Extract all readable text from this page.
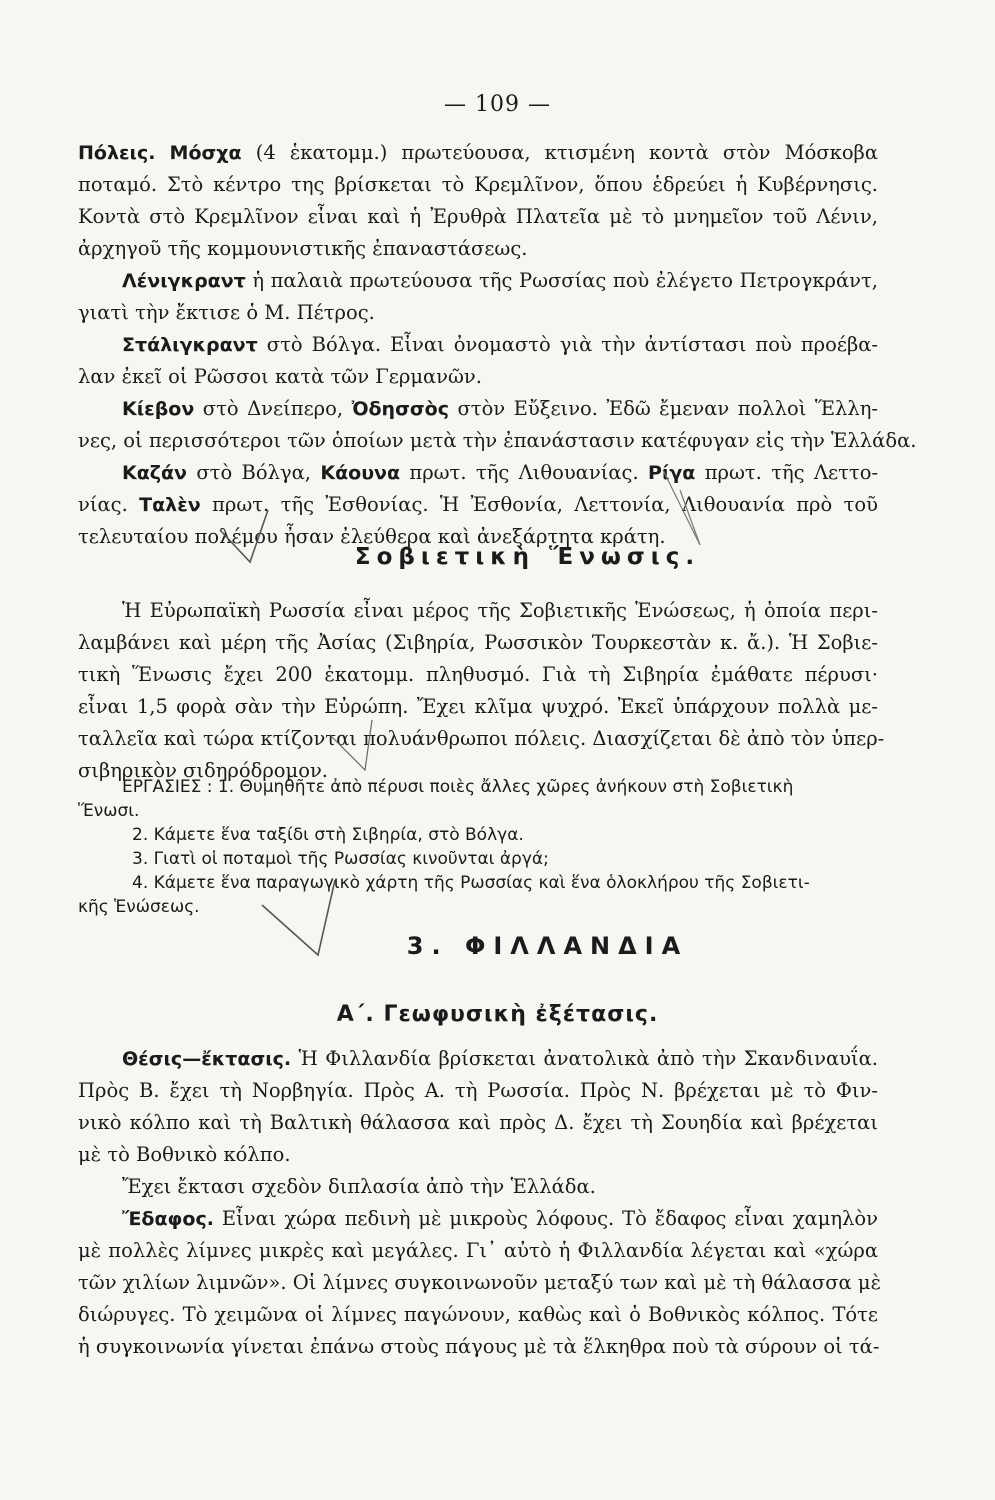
— 109 —
Πόλεις. Μόσχα (4 ἑκατομμ.) πρωτεύουσα, κτισμένη κοντὰ στὸν Μόσκοβα
ποταμό. Στὸ κέντρο της βρίσκεται τὸ Κρεμλῖνον, ὅπου ἑδρεύει ἡ Κυβέρνησις.
Κοντὰ στὸ Κρεμλῖνον εἶναι καὶ ἡ Ἐρυθρὰ Πλατεῖα μὲ τὸ μνημεῖον τοῦ Λένιν,
ἀρχηγοῦ τῆς κομμουνιστικῆς ἐπαναστάσεως.
Λένιγκραντ ἡ παλαιὰ πρωτεύουσα τῆς Ρωσσίας ποὺ ἐλέγετο Πετρογκράντ,
γιατὶ τὴν ἔκτισε ὁ Μ. Πέτρος.
Στάλιγκραντ στὸ Βόλγα. Εἶναι ὀνομαστὸ γιὰ τὴν ἀντίστασι ποὺ προέβα-
λαν ἐκεῖ οἱ Ρῶσσοι κατὰ τῶν Γερμανῶν.
Κίεβον στὸ Δνείπερο, Ὀδησσὸς στὸν Εὔξεινο. Ἐδῶ ἔμεναν πολλοὶ Ἕλλη-
νες, οἱ περισσότεροι τῶν ὁποίων μετὰ τὴν ἐπανάστασιν κατέφυγαν εἰς τὴν Ἑλλάδα.
Καζάν στὸ Βόλγα, Κάουνα πρωτ. τῆς Λιθουανίας. Ρίγα πρωτ. τῆς Λεττο-
νίας. Ταλὲν πρωτ. τῆς Ἐσθονίας. Ἡ Ἐσθονία, Λεττονία, Λιθουανία πρὸ τοῦ
τελευταίου πολέμου ἦσαν ἐλεύθερα καὶ ἀνεξάρτητα κράτη.
Σοβιετικὴ Ἕνωσις.
Ἡ Εὐρωπαϊκὴ Ρωσσία εἶναι μέρος τῆς Σοβιετικῆς Ἑνώσεως, ἡ ὁποία περι-
λαμβάνει καὶ μέρη τῆς Ἀσίας (Σιβηρία, Ρωσσικὸν Τουρκεστὰν κ. ἄ.). Ἡ Σοβιε-
τικὴ Ἕνωσις ἔχει 200 ἑκατομμ. πληθυσμό. Γιὰ τὴ Σιβηρία ἐμάθατε πέρυσι·
εἶναι 1,5 φορὰ σὰν τὴν Εὐρώπη. Ἔχει κλῖμα ψυχρό. Ἐκεῖ ὑπάρχουν πολλὰ με-
ταλλεῖα καὶ τώρα κτίζονται πολυάνθρωποι πόλεις. Διασχίζεται δὲ ἀπὸ τὸν ὑπερ-
σιβηρικὸν σιδηρόδρομον.
ΕΡΓΑΣΙΕΣ : 1. Θυμηθῆτε ἀπὸ πέρυσι ποιὲς ἄλλες χῶρες ἀνήκουν στὴ Σοβιετικὴ
Ἕνωσι.
2. Κάμετε ἕνα ταξίδι στὴ Σιβηρία, στὸ Βόλγα.
3. Γιατὶ οἱ ποταμοὶ τῆς Ρωσσίας κινοῦνται ἀργά;
4. Κάμετε ἕνα παραγωγικὸ χάρτη τῆς Ρωσσίας καὶ ἕνα ὁλοκλήρου τῆς Σοβιετι-
κῆς Ἑνώσεως.
3. ΦΙΛΛΑΝΔΙΑ
Α΄. Γεωφυσικὴ ἐξέτασις.
Θέσις—ἔκτασις. Ἡ Φιλλανδία βρίσκεται ἀνατολικὰ ἀπὸ τὴν Σκανδιναυΐα.
Πρὸς Β. ἔχει τὴ Νορβηγία. Πρὸς Α. τὴ Ρωσσία. Πρὸς Ν. βρέχεται μὲ τὸ Φιν-
νικὸ κόλπο καὶ τὴ Βαλτικὴ θάλασσα καὶ πρὸς Δ. ἔχει τὴ Σουηδία καὶ βρέχεται
μὲ τὸ Βοθνικὸ κόλπο.
Ἔχει ἔκτασι σχεδὸν διπλασία ἀπὸ τὴν Ἑλλάδα.
Ἔδαφος. Εἶναι χώρα πεδινὴ μὲ μικροὺς λόφους. Τὸ ἔδαφος εἶναι χαμηλὸν
μὲ πολλὲς λίμνες μικρὲς καὶ μεγάλες. Γι᾿ αὐτὸ ἡ Φιλλανδία λέγεται καὶ «χώρα
τῶν χιλίων λιμνῶν». Οἱ λίμνες συγκοινωνοῦν μεταξύ των καὶ μὲ τὴ θάλασσα μὲ
διώρυγες. Τὸ χειμῶνα οἱ λίμνες παγώνουν, καθὼς καὶ ὁ Βοθνικὸς κόλπος. Τότε
ἡ συγκοινωνία γίνεται ἐπάνω στοὺς πάγους μὲ τὰ ἕλκηθρα ποὺ τὰ σύρουν οἱ τά-
